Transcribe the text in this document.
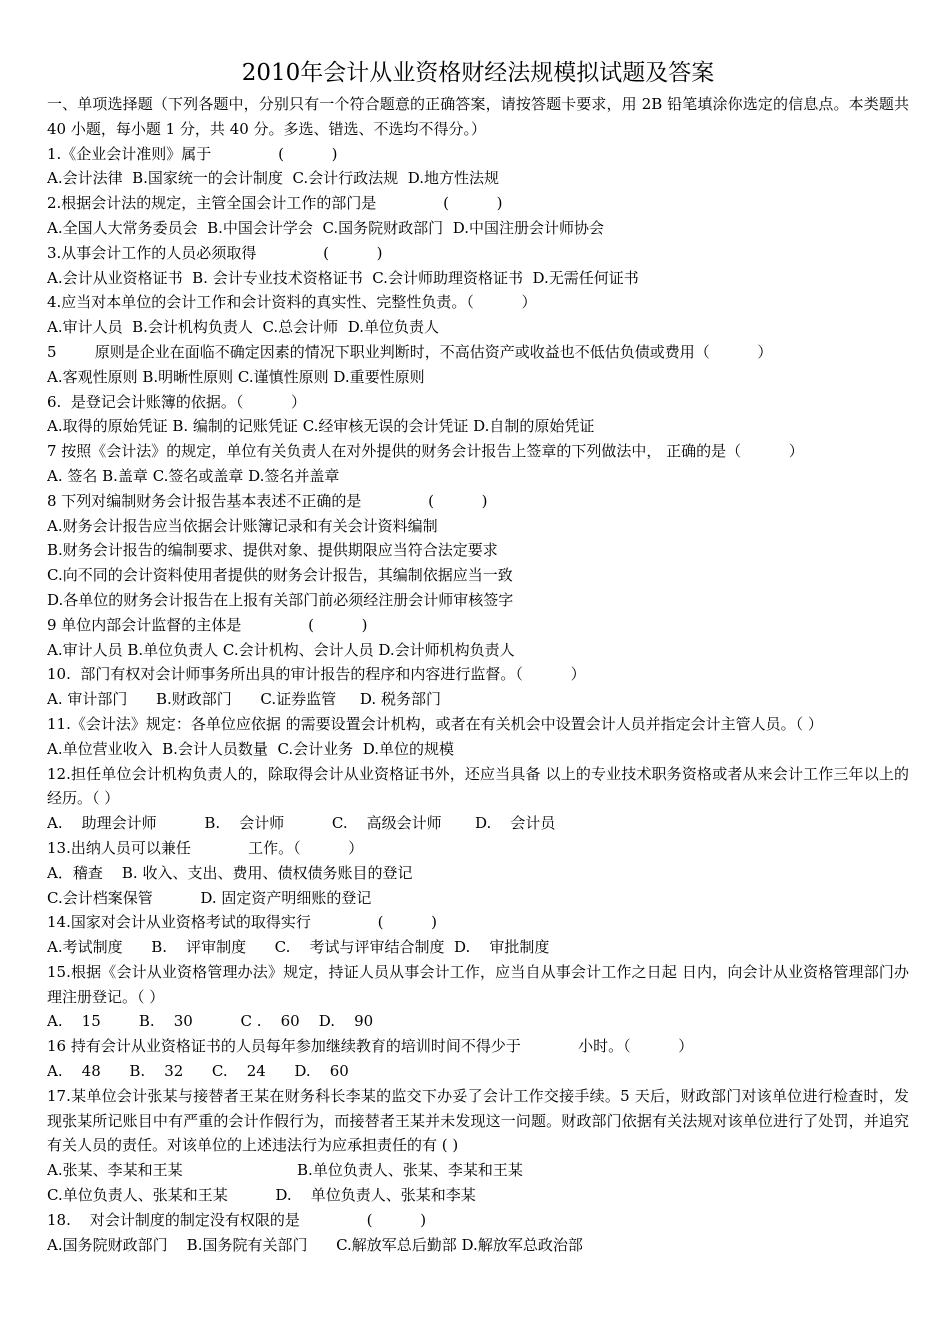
2010年会计从业资格财经法规模拟试题及答案
一、单项选择题（下列各题中，分别只有一个符合题意的正确答案，请按答题卡要求，用 2B 铅笔填涂你选定的信息点。本类题共 40 小题，每小题 1 分，共 40 分。多选、错选、不选均不得分。）
1.《企业会计准则》属于              (          )
A.会计法律  B.国家统一的会计制度  C.会计行政法规  D.地方性法规
2.根据会计法的规定，主管全国会计工作的部门是              (          )
A.全国人大常务委员会  B.中国会计学会  C.国务院财政部门  D.中国注册会计师协会
3.从事会计工作的人员必须取得              (          )
A.会计从业资格证书  B. 会计专业技术资格证书  C.会计师助理资格证书  D.无需任何证书
4.应当对本单位的会计工作和会计资料的真实性、完整性负责。（          ）
A.审计人员  B.会计机构负责人  C.总会计师  D.单位负责人
5        原则是企业在面临不确定因素的情况下职业判断时，不高估资产或收益也不低估负债或费用（          ）
A.客观性原则 B.明晰性原则 C.谨慎性原则 D.重要性原则
6.  是登记会计账簿的依据。（          ）
A.取得的原始凭证 B. 编制的记账凭证 C.经审核无误的会计凭证 D.自制的原始凭证
7 按照《会计法》的规定，单位有关负责人在对外提供的财务会计报告上签章的下列做法中， 正确的是（          ）
A. 签名 B.盖章 C.签名或盖章 D.签名并盖章
8 下列对编制财务会计报告基本表述不正确的是              (          )
A.财务会计报告应当依据会计账簿记录和有关会计资料编制
B.财务会计报告的编制要求、提供对象、提供期限应当符合法定要求
C.向不同的会计资料使用者提供的财务会计报告，其编制依据应当一致
D.各单位的财务会计报告在上报有关部门前必须经注册会计师审核签字
9 单位内部会计监督的主体是              (          )
A.审计人员 B.单位负责人 C.会计机构、会计人员 D.会计师机构负责人
10.  部门有权对会计师事务所出具的审计报告的程序和内容进行监督。（          ）
A. 审计部门      B.财政部门      C.证券监管     D. 税务部门
11.《会计法》规定：各单位应依据 的需要设置会计机构，或者在有关机会中设置会计人员并指定会计主管人员。（ ）
A.单位营业收入  B.会计人员数量  C.会计业务  D.单位的规模
12.担任单位会计机构负责人的，除取得会计从业资格证书外，还应当具备 以上的专业技术职务资格或者从来会计工作三年以上的经历。（ ）
A.    助理会计师          B.    会计师          C.    高级会计师       D.    会计员
13.出纳人员可以兼任            工作。（          ）
A．稽查    B. 收入、支出、费用、债权债务账目的登记
C.会计档案保管          D. 固定资产明细账的登记
14.国家对会计从业资格考试的取得实行              (          )
A.考试制度      B.    评审制度      C.    考试与评审结合制度  D.    审批制度
15.根据《会计从业资格管理办法》规定，持证人员从事会计工作，应当自从事会计工作之日起 日内，向会计从业资格管理部门办理注册登记。（ ）
A.    15        B.    30          C .    60    D.    90
16 持有会计从业资格证书的人员每年参加继续教育的培训时间不得少于            小时。（          ）
A.    48      B.    32      C.    24      D.    60
17.某单位会计张某与接替者王某在财务科长李某的监交下办妥了会计工作交接手续。5 天后，财政部门对该单位进行检查时，发现张某所记账目中有严重的会计作假行为，而接替者王某并未发现这一问题。财政部门依据有关法规对该单位进行了处罚，并追究有关人员的责任。对该单位的上述违法行为应承担责任的有 ( )
A.张某、李某和王某                        B.单位负责人、张某、李某和王某
C.单位负责人、张某和王某          D.    单位负责人、张某和李某
18.    对会计制度的制定没有权限的是              (          )
A.国务院财政部门    B.国务院有关部门      C.解放军总后勤部 D.解放军总政治部
